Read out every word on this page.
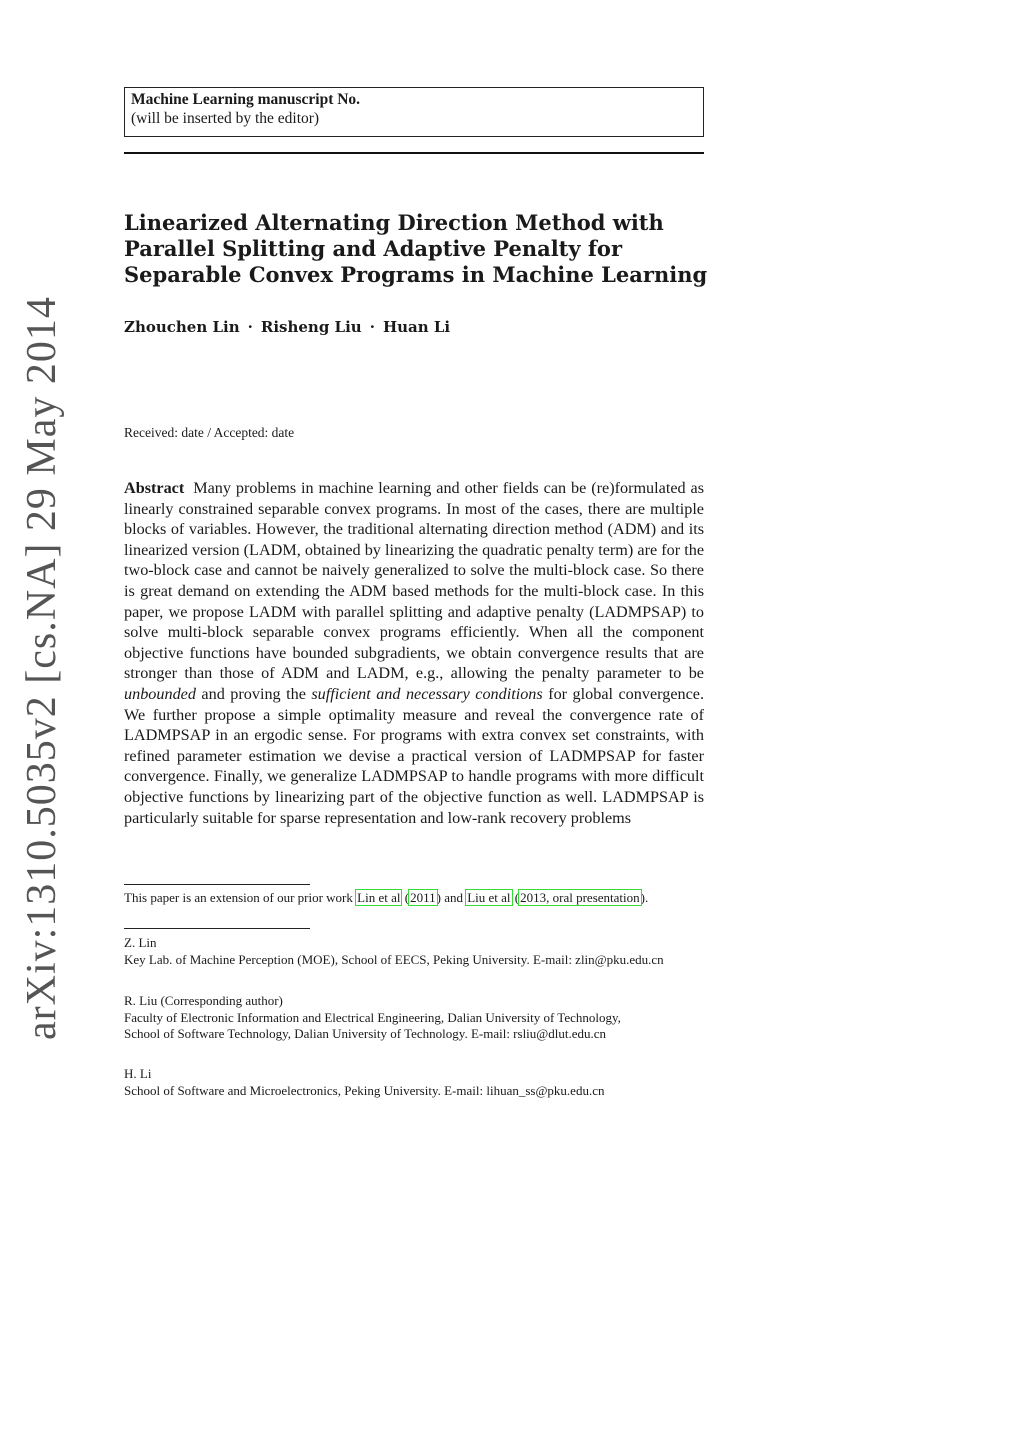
arXiv:1310.5035v2 [cs.NA] 29 May 2014
Machine Learning manuscript No.
(will be inserted by the editor)
Linearized Alternating Direction Method with
Parallel Splitting and Adaptive Penalty for
Separable Convex Programs in Machine Learning
Zhouchen Lin · Risheng Liu · Huan Li
Received: date / Accepted: date

Abstract Many problems in machine learning and other fields can be (re)formulated as linearly constrained separable convex programs. In most of the cases, there are multiple blocks of variables. However, the traditional alternating direction method (ADM) and its linearized version (LADM, obtained by linearizing the quadratic penalty term) are for the two-block case and cannot be naively generalized to solve the multi-block case. So there is great demand on extending the ADM based methods for the multi-block case. In this paper, we propose LADM with parallel splitting and adaptive penalty (LADMPSAP) to solve multi-block separable convex programs efficiently. When all the component objective functions have bounded subgradients, we obtain convergence results that are stronger than those of ADM and LADM, e.g., allowing the penalty parameter to be unbounded and proving the sufficient and necessary conditions for global convergence. We further propose a simple optimality measure and reveal the convergence rate of LADMPSAP in an ergodic sense. For programs with extra convex set constraints, with refined parameter estimation we devise a practical version of LADMPSAP for faster convergence. Finally, we generalize LADMPSAP to handle programs with more difficult objective functions by linearizing part of the objective function as well. LADMPSAP is particularly suitable for sparse representation and low-rank recovery problems

This paper is an extension of our prior work Lin et al (2011) and Liu et al (2013, oral presentation).

Z. Lin

Key Lab. of Machine Perception (MOE), School of EECS, Peking University. E-mail: zlin@pku.edu.cn

R. Liu (Corresponding author)

Faculty of Electronic Information and Electrical Engineering, Dalian University of Technology,

School of Software Technology, Dalian University of Technology. E-mail: rsliu@dlut.edu.cn

H. Li

School of Software and Microelectronics, Peking University. E-mail: lihuan_ss@pku.edu.cn
